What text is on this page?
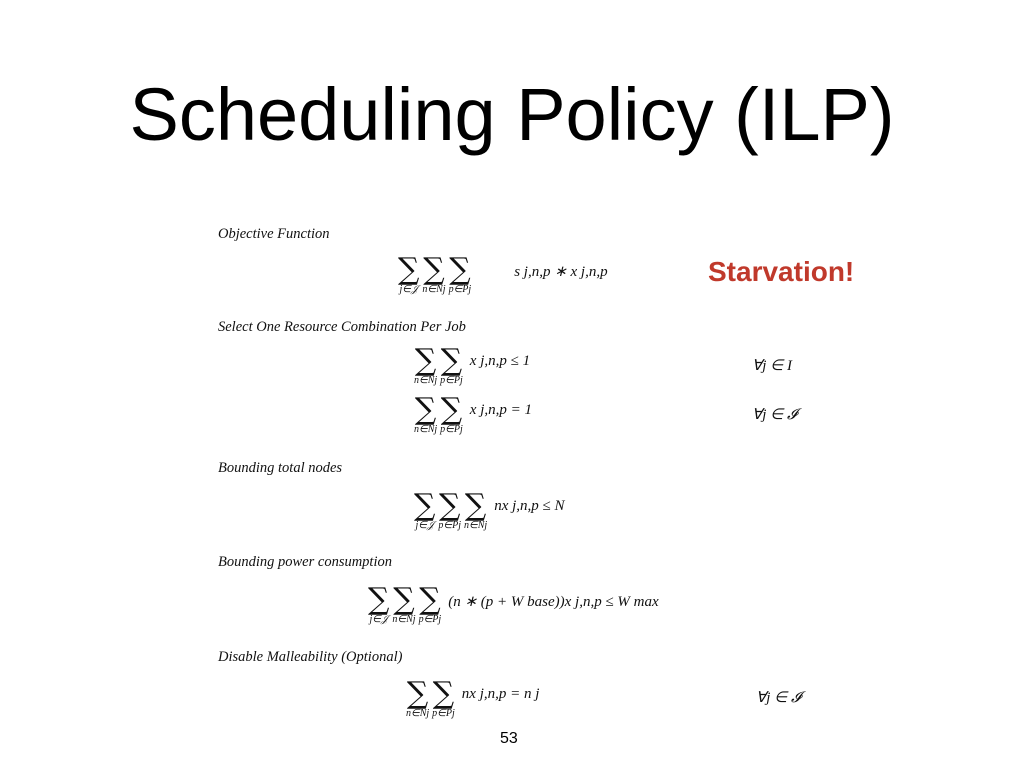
Scheduling Policy (ILP)
Starvation!
Objective Function
∑
j∈𝒥
∑
n∈Nj
∑
p∈Pj
s j,n,p ∗ x j,n,p
Select One Resource Combination Per Job
∑
n∈Nj
∑
p∈Pj
x j,n,p ≤ 1	∀j ∈ I
∑
n∈Nj
∑
p∈Pj
x j,n,p = 1	∀j ∈ 𝓘
Bounding total nodes
∑
j∈𝒥
∑
p∈Pj
∑
n∈Nj
nx j,n,p ≤ N
Bounding power consumption
∑
j∈𝒥
∑
n∈Nj
∑
p∈Pj
(n ∗ (p + W base))x j,n,p ≤ W max
Disable Malleability (Optional)
∑
n∈Nj
∑
p∈Pj
nx j,n,p = n j	∀j ∈ 𝓘
53
